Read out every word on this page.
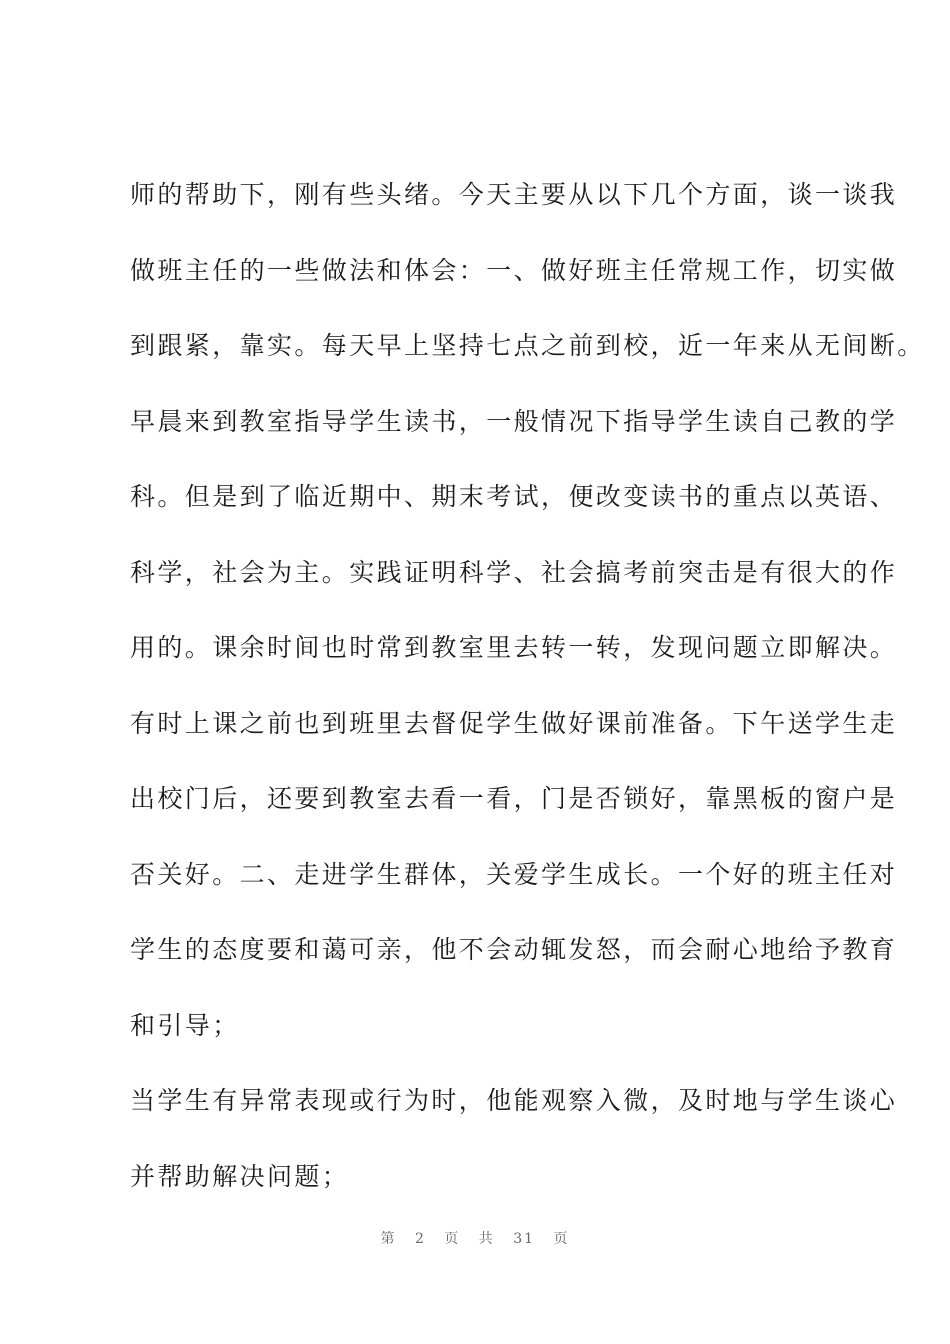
师的帮助下，刚有些头绪。今天主要从以下几个方面，谈一谈我
做班主任的一些做法和体会：一、做好班主任常规工作，切实做
到跟紧，靠实。每天早上坚持七点之前到校，近一年来从无间断。
早晨来到教室指导学生读书，一般情况下指导学生读自己教的学
科。但是到了临近期中、期末考试，便改变读书的重点以英语、
科学，社会为主。实践证明科学、社会搞考前突击是有很大的作
用的。课余时间也时常到教室里去转一转，发现问题立即解决。
有时上课之前也到班里去督促学生做好课前准备。下午送学生走
出校门后，还要到教室去看一看，门是否锁好，靠黑板的窗户是
否关好。二、走进学生群体，关爱学生成长。一个好的班主任对
学生的态度要和蔼可亲，他不会动辄发怒，而会耐心地给予教育
和引导；
当学生有异常表现或行为时，他能观察入微，及时地与学生谈心
并帮助解决问题；
第 2 页 共 31 页
